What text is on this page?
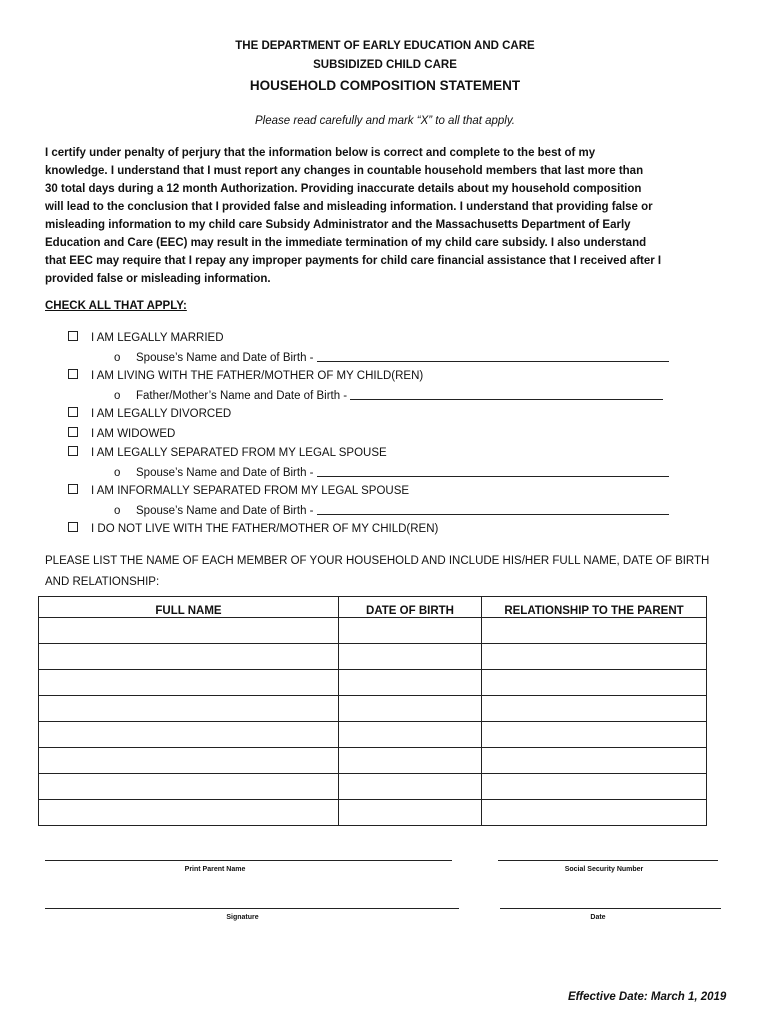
THE DEPARTMENT OF EARLY EDUCATION AND CARE
SUBSIDIZED CHILD CARE
HOUSEHOLD COMPOSITION STATEMENT
Please read carefully and mark “X” to all that apply.
I certify under penalty of perjury that the information below is correct and complete to the best of my
knowledge. I understand that I must report any changes in countable household members that last more than
30 total days during a 12 month Authorization. Providing inaccurate details about my household composition
will lead to the conclusion that I provided false and misleading information. I understand that providing false or
misleading information to my child care Subsidy Administrator and the Massachusetts Department of Early
Education and Care (EEC) may result in the immediate termination of my child care subsidy. I also understand
that EEC may require that I repay any improper payments for child care financial assistance that I received after I
provided false or misleading information.
CHECK ALL THAT APPLY:
I AM LEGALLY MARRIED
o Spouse’s Name and Date of Birth -
I AM LIVING WITH THE FATHER/MOTHER OF MY CHILD(REN)
o Father/Mother’s Name and Date of Birth -
I AM LEGALLY DIVORCED
I AM WIDOWED
I AM LEGALLY SEPARATED FROM MY LEGAL SPOUSE
o Spouse’s Name and Date of Birth -
I AM INFORMALLY SEPARATED FROM MY LEGAL SPOUSE
o Spouse’s Name and Date of Birth -
I DO NOT LIVE WITH THE FATHER/MOTHER OF MY CHILD(REN)
PLEASE LIST THE NAME OF EACH MEMBER OF YOUR HOUSEHOLD AND INCLUDE HIS/HER FULL NAME, DATE OF BIRTH
AND RELATIONSHIP:
FULL NAME	DATE OF BIRTH	RELATIONSHIP TO THE PARENT

Print Parent Name	Social Security Number
Signature	Date
Effective Date: March 1, 2019
